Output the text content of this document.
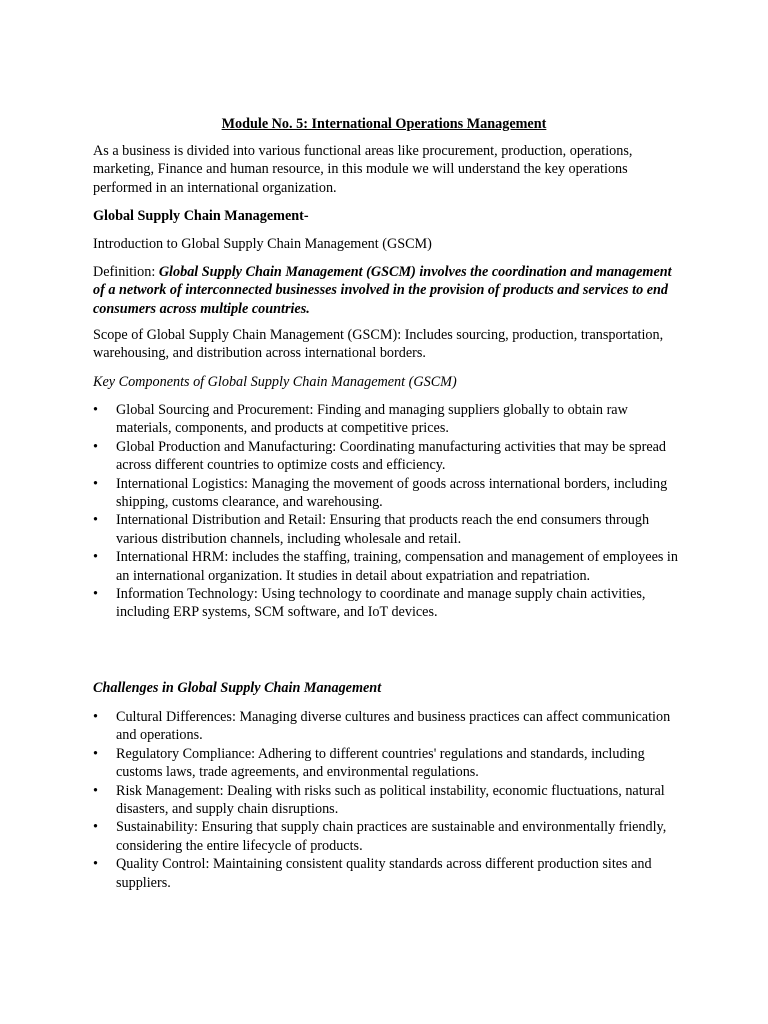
Module No. 5: International Operations Management

As a business is divided into various functional areas like procurement, production, operations, marketing, Finance and human resource, in this module we will understand the key operations performed in an international organization.

Global Supply Chain Management-

Introduction to Global Supply Chain Management (GSCM)

Definition: Global Supply Chain Management (GSCM) involves the coordination and management of a network of interconnected businesses involved in the provision of products and services to end consumers across multiple countries.

Scope of Global Supply Chain Management (GSCM): Includes sourcing, production, transportation, warehousing, and distribution across international borders.

Key Components of Global Supply Chain Management (GSCM)

•	Global Sourcing and Procurement: Finding and managing suppliers globally to obtain raw materials, components, and products at competitive prices.
•	Global Production and Manufacturing: Coordinating manufacturing activities that may be spread across different countries to optimize costs and efficiency.
•	International Logistics: Managing the movement of goods across international borders, including shipping, customs clearance, and warehousing.
•	International Distribution and Retail: Ensuring that products reach the end consumers through various distribution channels, including wholesale and retail.
•	International HRM: includes the staffing, training, compensation and management of employees in an international organization. It studies in detail about expatriation and repatriation.
•	Information Technology: Using technology to coordinate and manage supply chain activities, including ERP systems, SCM software, and IoT devices.

Challenges in Global Supply Chain Management

•	Cultural Differences: Managing diverse cultures and business practices can affect communication and operations.
•	Regulatory Compliance: Adhering to different countries' regulations and standards, including customs laws, trade agreements, and environmental regulations.
•	Risk Management: Dealing with risks such as political instability, economic fluctuations, natural disasters, and supply chain disruptions.
•	Sustainability: Ensuring that supply chain practices are sustainable and environmentally friendly, considering the entire lifecycle of products.
•	Quality Control: Maintaining consistent quality standards across different production sites and suppliers.
